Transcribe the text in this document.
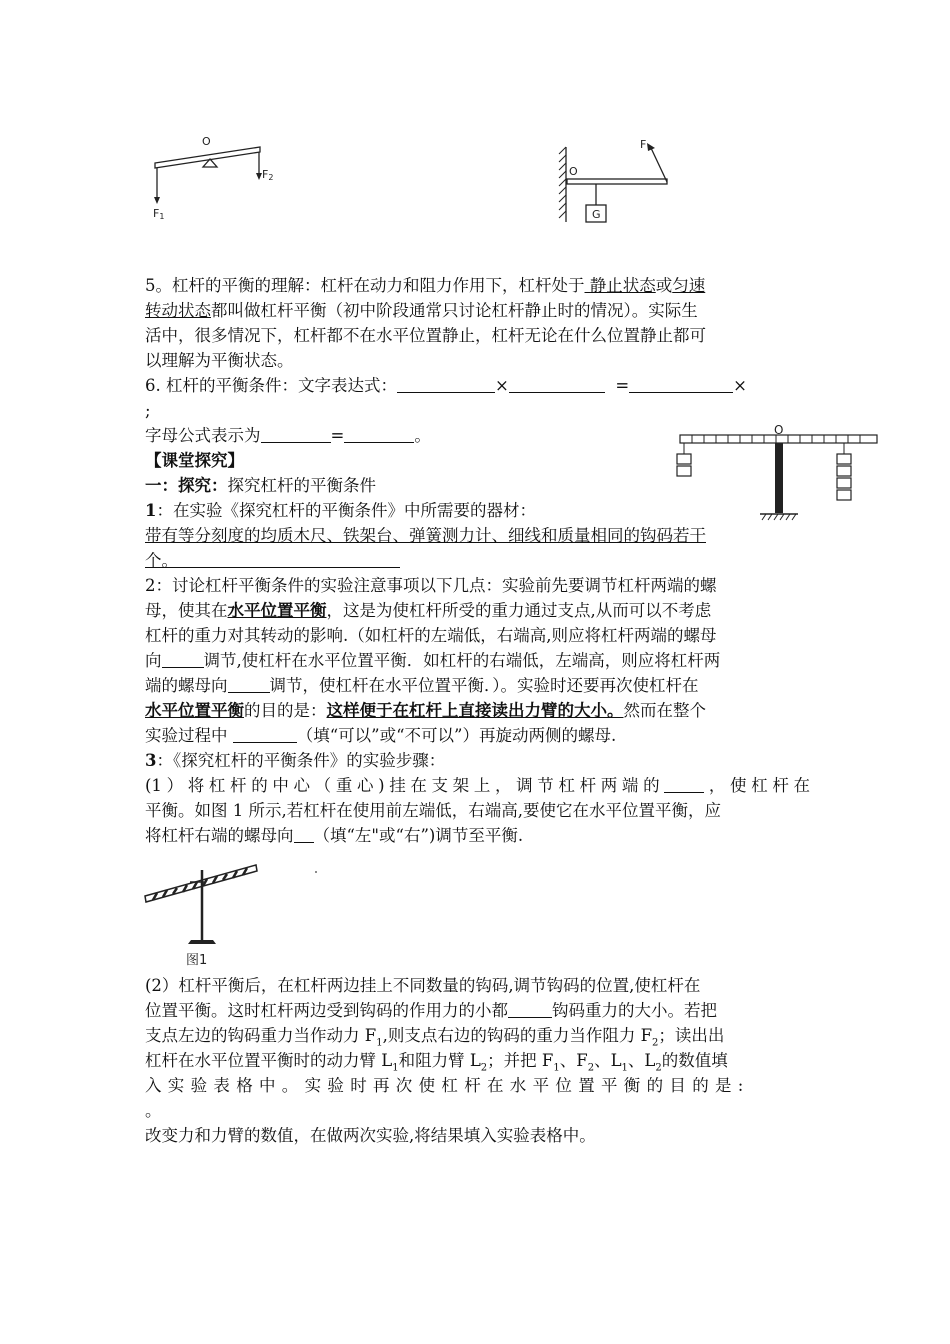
O
F1
F2	O
F
G
5。杠杆的平衡的理解：杠杆在动力和阻力作用下，杠杆处于 静止状态或匀速
转动状态都叫做杠杆平衡（初中阶段通常只讨论杠杆静止时的情况）。实际生
活中，很多情况下，杠杆都不在水平位置静止，杠杆无论在什么位置静止都可
以理解为平衡状态。
6. 杠杆的平衡条件：文字表达式：	×	=	×
;
字母公式表示为	=	。	O
【课堂探究】
一：探究：探究杠杆的平衡条件
1：在实验《探究杠杆的平衡条件》中所需要的器材：
带有等分刻度的均质木尺、铁架台、弹簧测力计、细线和质量相同的钩码若干
个。
2：讨论杠杆平衡条件的实验注意事项以下几点：实验前先要调节杠杆两端的螺
母，使其在水平位置平衡，这是为使杠杆所受的重力通过支点,从而可以不考虑
杠杆的重力对其转动的影响.（如杠杆的左端低，右端高,则应将杠杆两端的螺母
向	调节,使杠杆在水平位置平衡．如杠杆的右端低，左端高，则应将杠杆两
端的螺母向	调节，使杠杆在水平位置平衡．）。实验时还要再次使杠杆在
水平位置平衡的目的是：这样便于在杠杆上直接读出力臂的大小。然而在整个
实验过程中	（填“可以”或“不可以”）再旋动两侧的螺母.
3：《探究杠杆的平衡条件》的实验步骤：
(1）将杠杆的中心（重心)挂在支架上，调节杠杆两端的 ，使杠杆在
平衡。如图 1 所示,若杠杆在使用前左端低，右端高,要使它在水平位置平衡，应
将杠杆右端的螺母向 （填“左"或“右”)调节至平衡.
图1
(2）杠杆平衡后，在杠杆两边挂上不同数量的钩码,调节钩码的位置,使杠杆在
位置平衡。这时杠杆两边受到钩码的作用力的小都	钩码重力的大小。若把
支点左边的钩码重力当作动力 $F_1$,则支点右边的钩码的重力当作阻力 $F_2$；读出出
杠杆在水平位置平衡时的动力臂 $L_1$和阻力臂 $L_2$；并把 $F_1$、$F_2$、$L_1$、$L_2$的数值填
入实验表格中。实验时再次使杠杆在水平位置平衡的目的是:
。
改变力和力臂的数值，在做两次实验,将结果填入实验表格中。
